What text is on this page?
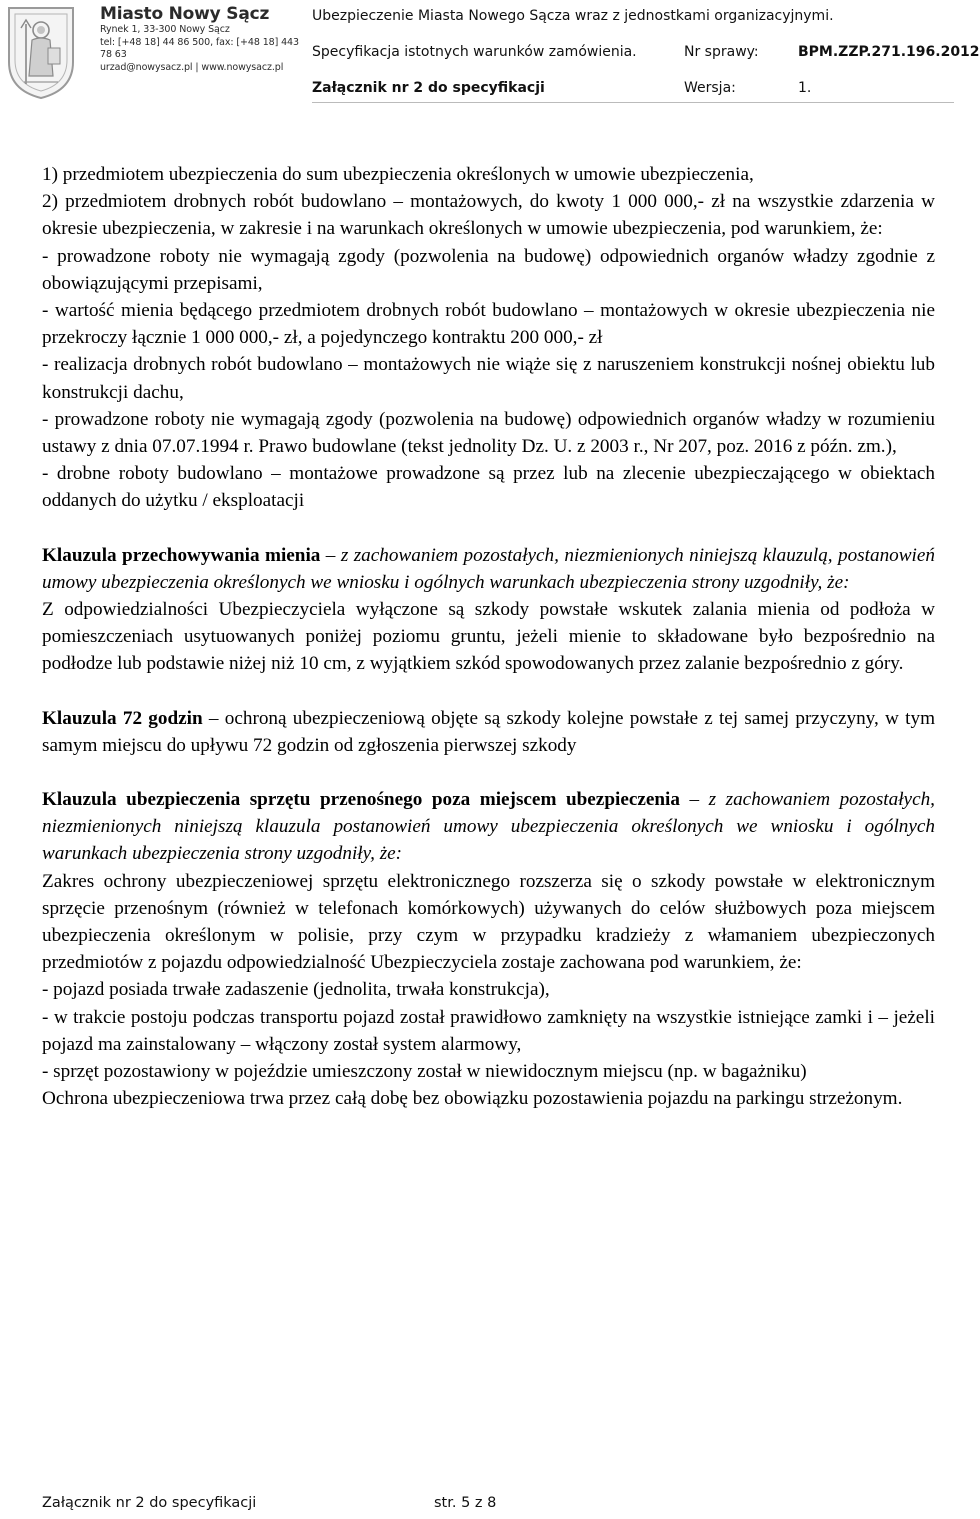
Miasto Nowy Sącz
Rynek 1, 33-300 Nowy Sącz
tel: [+48 18] 44 86 500, fax: [+48 18] 443 78 63
urzad@nowysacz.pl | www.nowysacz.pl
Ubezpieczenie Miasta Nowego Sącza wraz z jednostkami organizacyjnymi.
Specyfikacja istotnych warunków zamówienia.	Nr sprawy:	BPM.ZZP.271.196.2012
Załącznik nr 2 do specyfikacji	Wersja:	1.

1) przedmiotem ubezpieczenia do sum ubezpieczenia określonych w umowie ubezpieczenia,

2) przedmiotem drobnych robót budowlano – montażowych, do kwoty 1 000 000,- zł na wszystkie zdarzenia w okresie ubezpieczenia, w zakresie i na warunkach określonych w umowie ubezpieczenia, pod warunkiem, że:

- prowadzone roboty nie wymagają zgody (pozwolenia na budowę) odpowiednich organów władzy zgodnie z obowiązującymi przepisami,

- wartość mienia będącego przedmiotem drobnych robót budowlano – montażowych w okresie ubezpieczenia nie przekroczy łącznie 1 000 000,- zł, a pojedynczego kontraktu 200 000,- zł

- realizacja drobnych robót budowlano – montażowych nie wiąże się z naruszeniem konstrukcji nośnej obiektu lub konstrukcji dachu,

- prowadzone roboty nie wymagają zgody (pozwolenia na budowę) odpowiednich organów władzy w rozumieniu ustawy z dnia 07.07.1994 r. Prawo budowlane (tekst jednolity Dz. U. z 2003 r., Nr 207, poz. 2016 z późn. zm.),

- drobne roboty budowlano – montażowe prowadzone są przez lub na zlecenie ubezpieczającego w obiektach oddanych do użytku / eksploatacji

Klauzula przechowywania mienia – z zachowaniem pozostałych, niezmienionych niniejszą klauzulą, postanowień umowy ubezpieczenia określonych we wniosku i ogólnych warunkach ubezpieczenia strony uzgodniły, że:

Z odpowiedzialności Ubezpieczyciela wyłączone są szkody powstałe wskutek zalania mienia od podłoża w pomieszczeniach usytuowanych poniżej poziomu gruntu, jeżeli mienie to składowane było bezpośrednio na podłodze lub podstawie niżej niż 10 cm, z wyjątkiem szkód spowodowanych przez zalanie bezpośrednio z góry.

Klauzula 72 godzin – ochroną ubezpieczeniową objęte są szkody kolejne powstałe z tej samej przyczyny, w tym samym miejscu do upływu 72 godzin od zgłoszenia pierwszej szkody

Klauzula ubezpieczenia sprzętu przenośnego poza miejscem ubezpieczenia – z zachowaniem pozostałych, niezmienionych niniejszą klauzula postanowień umowy ubezpieczenia określonych we wniosku i ogólnych warunkach ubezpieczenia strony uzgodniły, że:

Zakres ochrony ubezpieczeniowej sprzętu elektronicznego rozszerza się o szkody powstałe w elektronicznym sprzęcie przenośnym (również w telefonach komórkowych) używanych do celów służbowych poza miejscem ubezpieczenia określonym w polisie, przy czym w przypadku kradzieży z włamaniem ubezpieczonych przedmiotów z pojazdu odpowiedzialność Ubezpieczyciela zostaje zachowana pod warunkiem, że:

- pojazd posiada trwałe zadaszenie (jednolita, trwała konstrukcja),

- w trakcie postoju podczas transportu pojazd został prawidłowo zamknięty na wszystkie istniejące zamki i – jeżeli pojazd ma zainstalowany – włączony został system alarmowy,

- sprzęt pozostawiony w pojeździe umieszczony został w niewidocznym miejscu (np. w bagażniku)

Ochrona ubezpieczeniowa trwa przez całą dobę bez obowiązku pozostawienia pojazdu na parkingu strzeżonym.

Załącznik nr 2 do specyfikacji	str. 5 z 8
